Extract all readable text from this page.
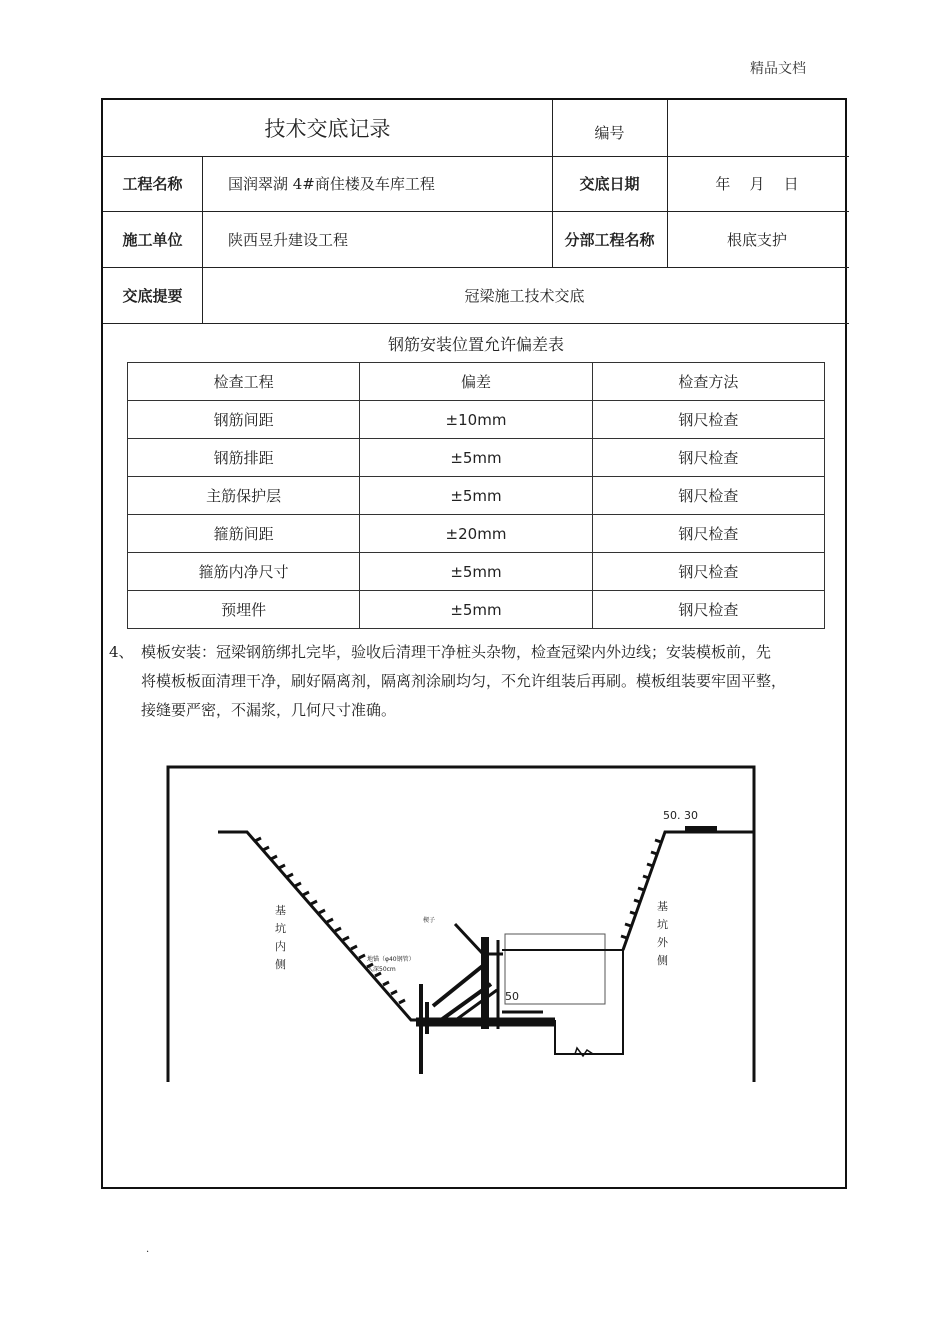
精品文档
技术交底记录	编号
工程名称	国润翠湖 4#商住楼及车库工程	交底日期	年    月    日
施工单位	陕西昱升建设工程	分部工程名称	根底支护
交底提要	冠梁施工技术交底
钢筋安装位置允许偏差表
检查工程	偏差	检查方法
钢筋间距	±10mm	钢尺检查
钢筋排距	±5mm	钢尺检查
主筋保护层	±5mm	钢尺检查
箍筋间距	±20mm	钢尺检查
箍筋内净尺寸	±5mm	钢尺检查
预埋件	±5mm	钢尺检查
4、 模板安装：冠梁钢筋绑扎完毕，验收后清理干净桩头杂物，检查冠梁内外边线；安装模板前，先

将模板板面清理干净，刷好隔离剂，隔离剂涂刷均匀，不允许组装后再刷。模板组装要牢固平整，

接缝要严密，不漏浆，几何尺寸准确。

基
坑
内
侧
基
坑
外
侧
50. 30
50
楔子
地锚（φ40钢管）
入深50cm
.
